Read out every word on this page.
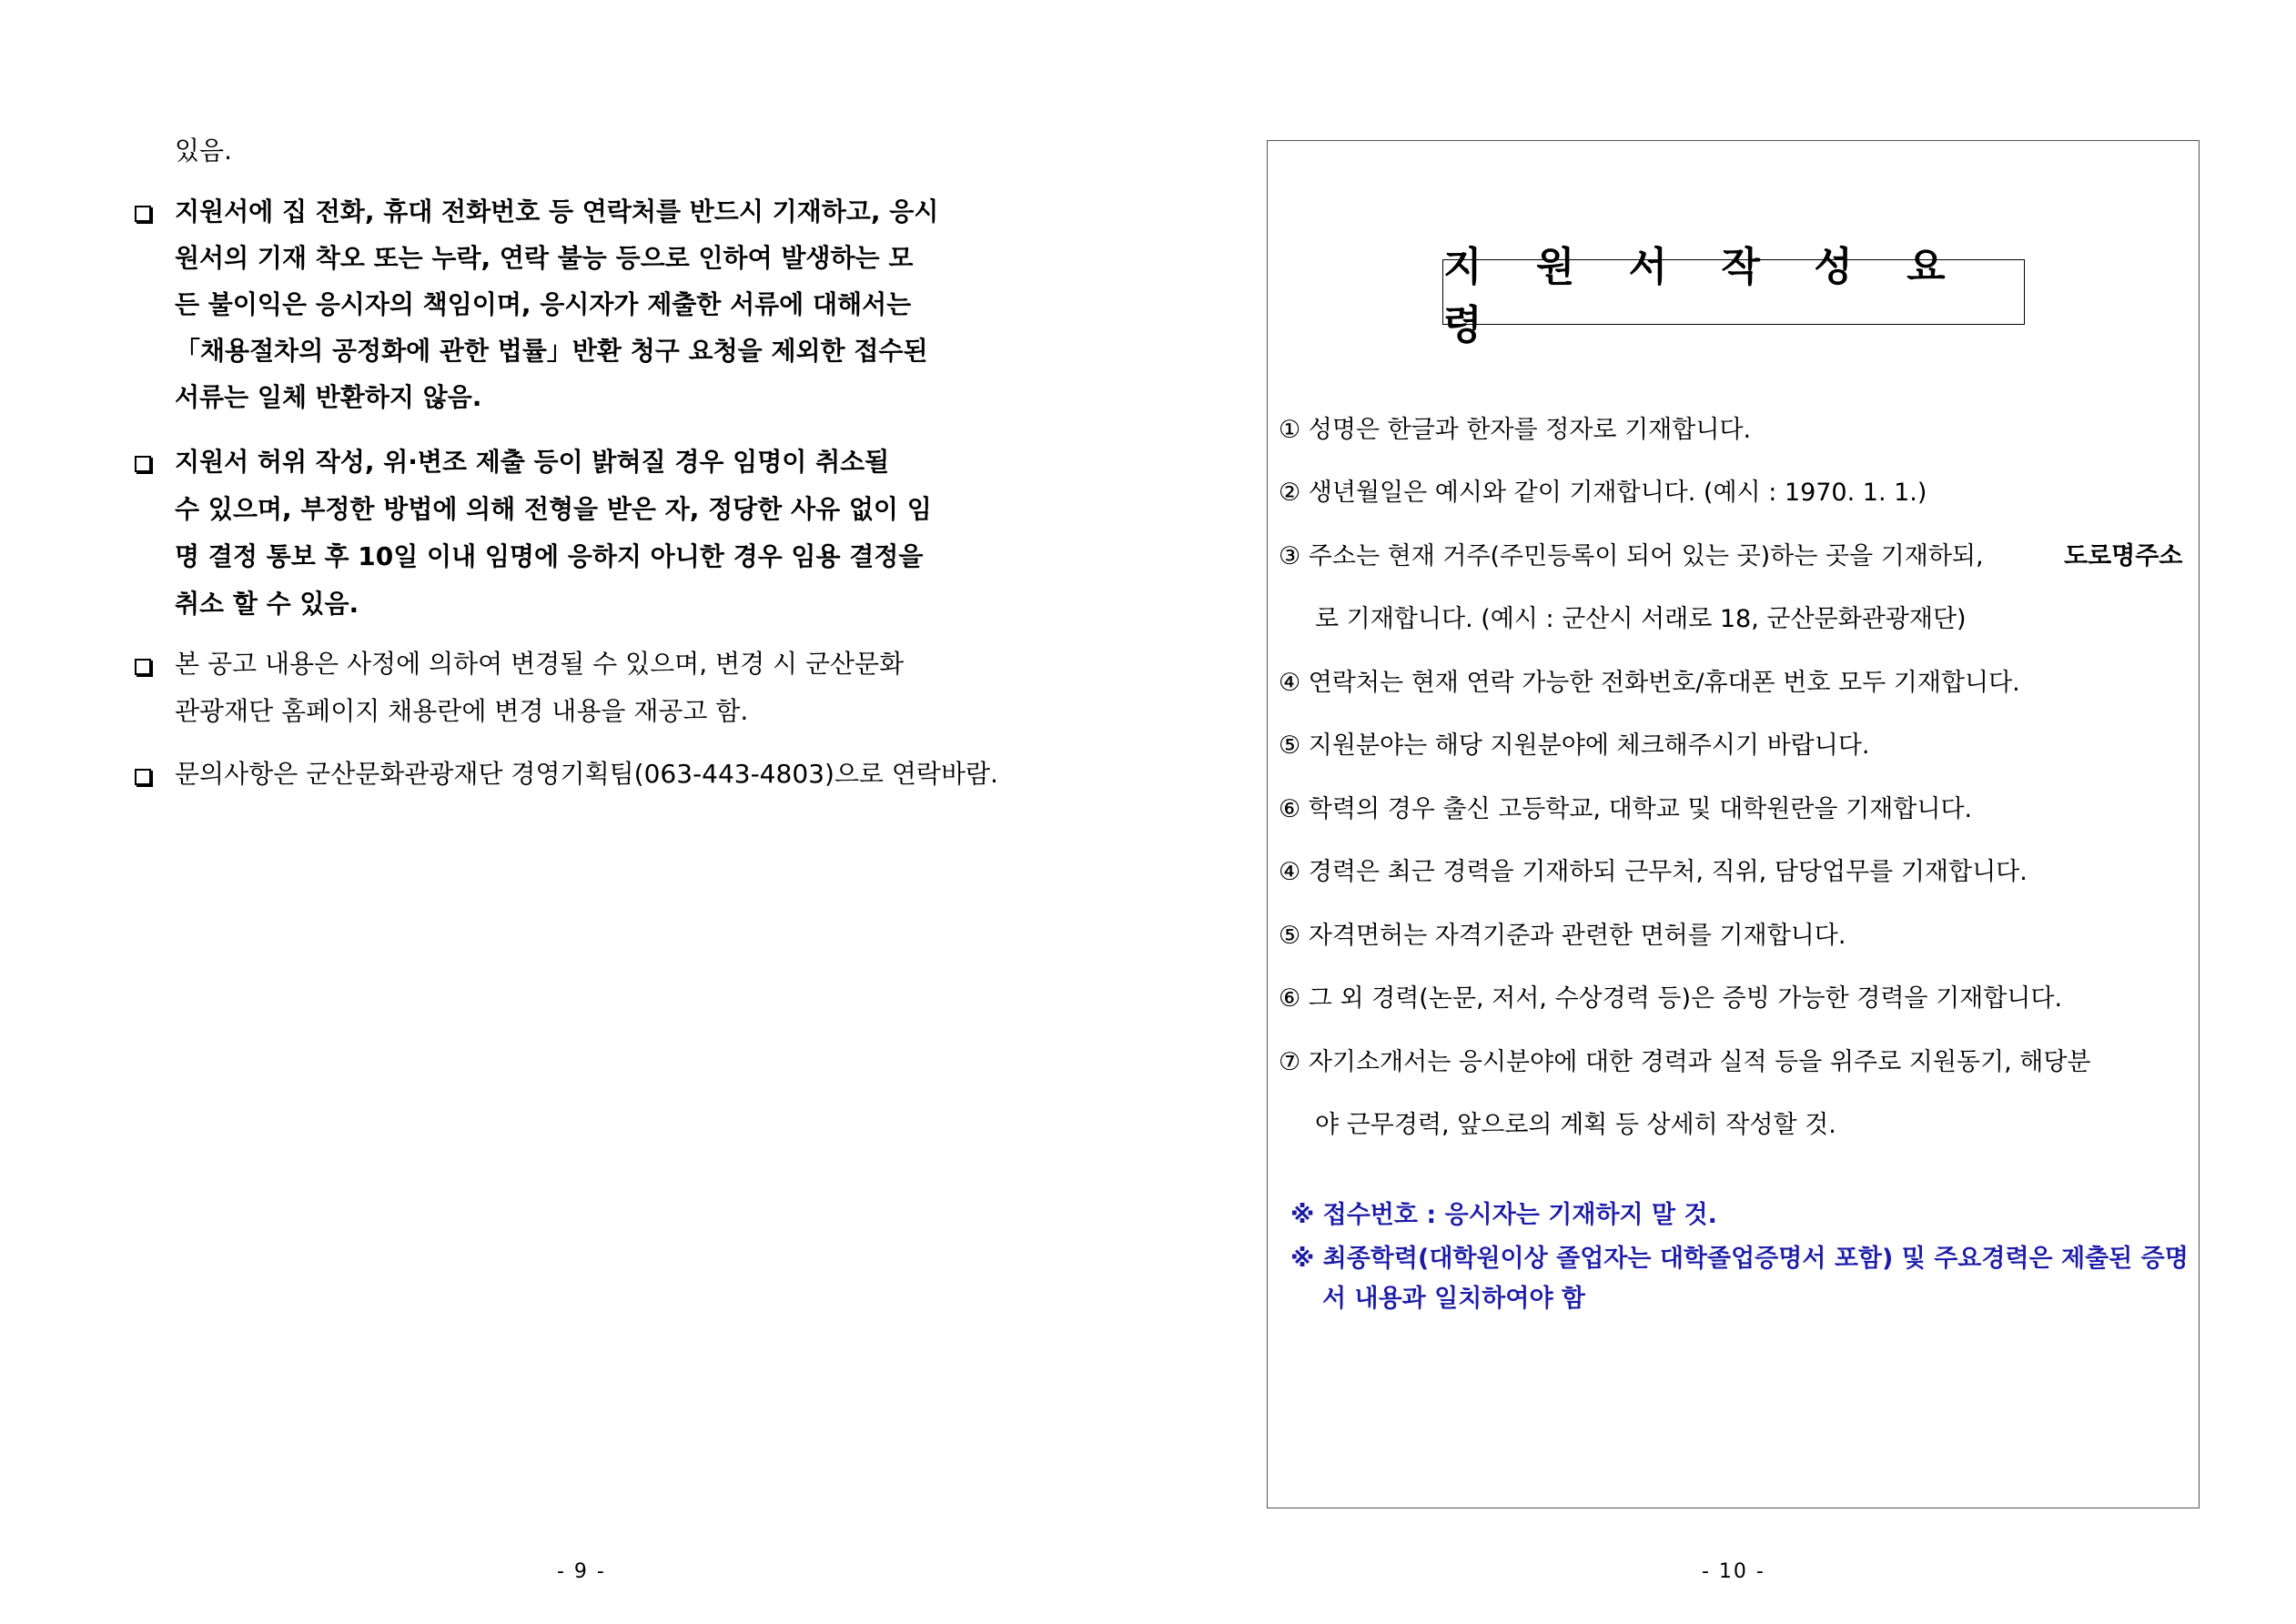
있음.
지원서에 집 전화, 휴대 전화번호 등 연락처를 반드시 기재하고, 응시
원서의 기재 착오 또는 누락, 연락 불능 등으로 인하여 발생하는 모
든 불이익은 응시자의 책임이며, 응시자가 제출한 서류에 대해서는
「채용절차의 공정화에 관한 법률」반환 청구 요청을 제외한 접수된
서류는 일체 반환하지 않음.
지원서 허위 작성, 위·변조 제출 등이 밝혀질 경우 임명이 취소될
수 있으며, 부정한 방법에 의해 전형을 받은 자, 정당한 사유 없이 임
명 결정 통보 후 10일 이내 임명에 응하지 아니한 경우 임용 결정을
취소 할 수 있음.
본 공고 내용은 사정에 의하여 변경될 수 있으며, 변경 시 군산문화
관광재단 홈페이지 채용란에 변경 내용을 재공고 함.
문의사항은 군산문화관광재단 경영기획팀(063-443-4803)으로 연락바람.
- 9 -
지 원 서 작 성 요 령
① 성명은 한글과 한자를 정자로 기재합니다.
② 생년월일은 예시와 같이 기재합니다. (예시 : 1970. 1. 1.)
③ 주소는 현재 거주(주민등록이 되어 있는 곳)하는 곳을 기재하되,	도로명주소
로 기재합니다. (예시 : 군산시 서래로 18, 군산문화관광재단)
④ 연락처는 현재 연락 가능한 전화번호/휴대폰 번호 모두 기재합니다.
⑤ 지원분야는 해당 지원분야에 체크해주시기 바랍니다.
⑥ 학력의 경우 출신 고등학교, 대학교 및 대학원란을 기재합니다.
④ 경력은 최근 경력을 기재하되 근무처, 직위, 담당업무를 기재합니다.
⑤ 자격면허는 자격기준과 관련한 면허를 기재합니다.
⑥ 그 외 경력(논문, 저서, 수상경력 등)은 증빙 가능한 경력을 기재합니다.
⑦ 자기소개서는 응시분야에 대한 경력과 실적 등을 위주로 지원동기, 해당분
야 근무경력, 앞으로의 계획 등 상세히 작성할 것.
※ 접수번호 : 응시자는 기재하지 말 것.
※ 최종학력(대학원이상 졸업자는 대학졸업증명서 포함) 및 주요경력은 제출된 증명
서 내용과 일치하여야 함
- 10 -
